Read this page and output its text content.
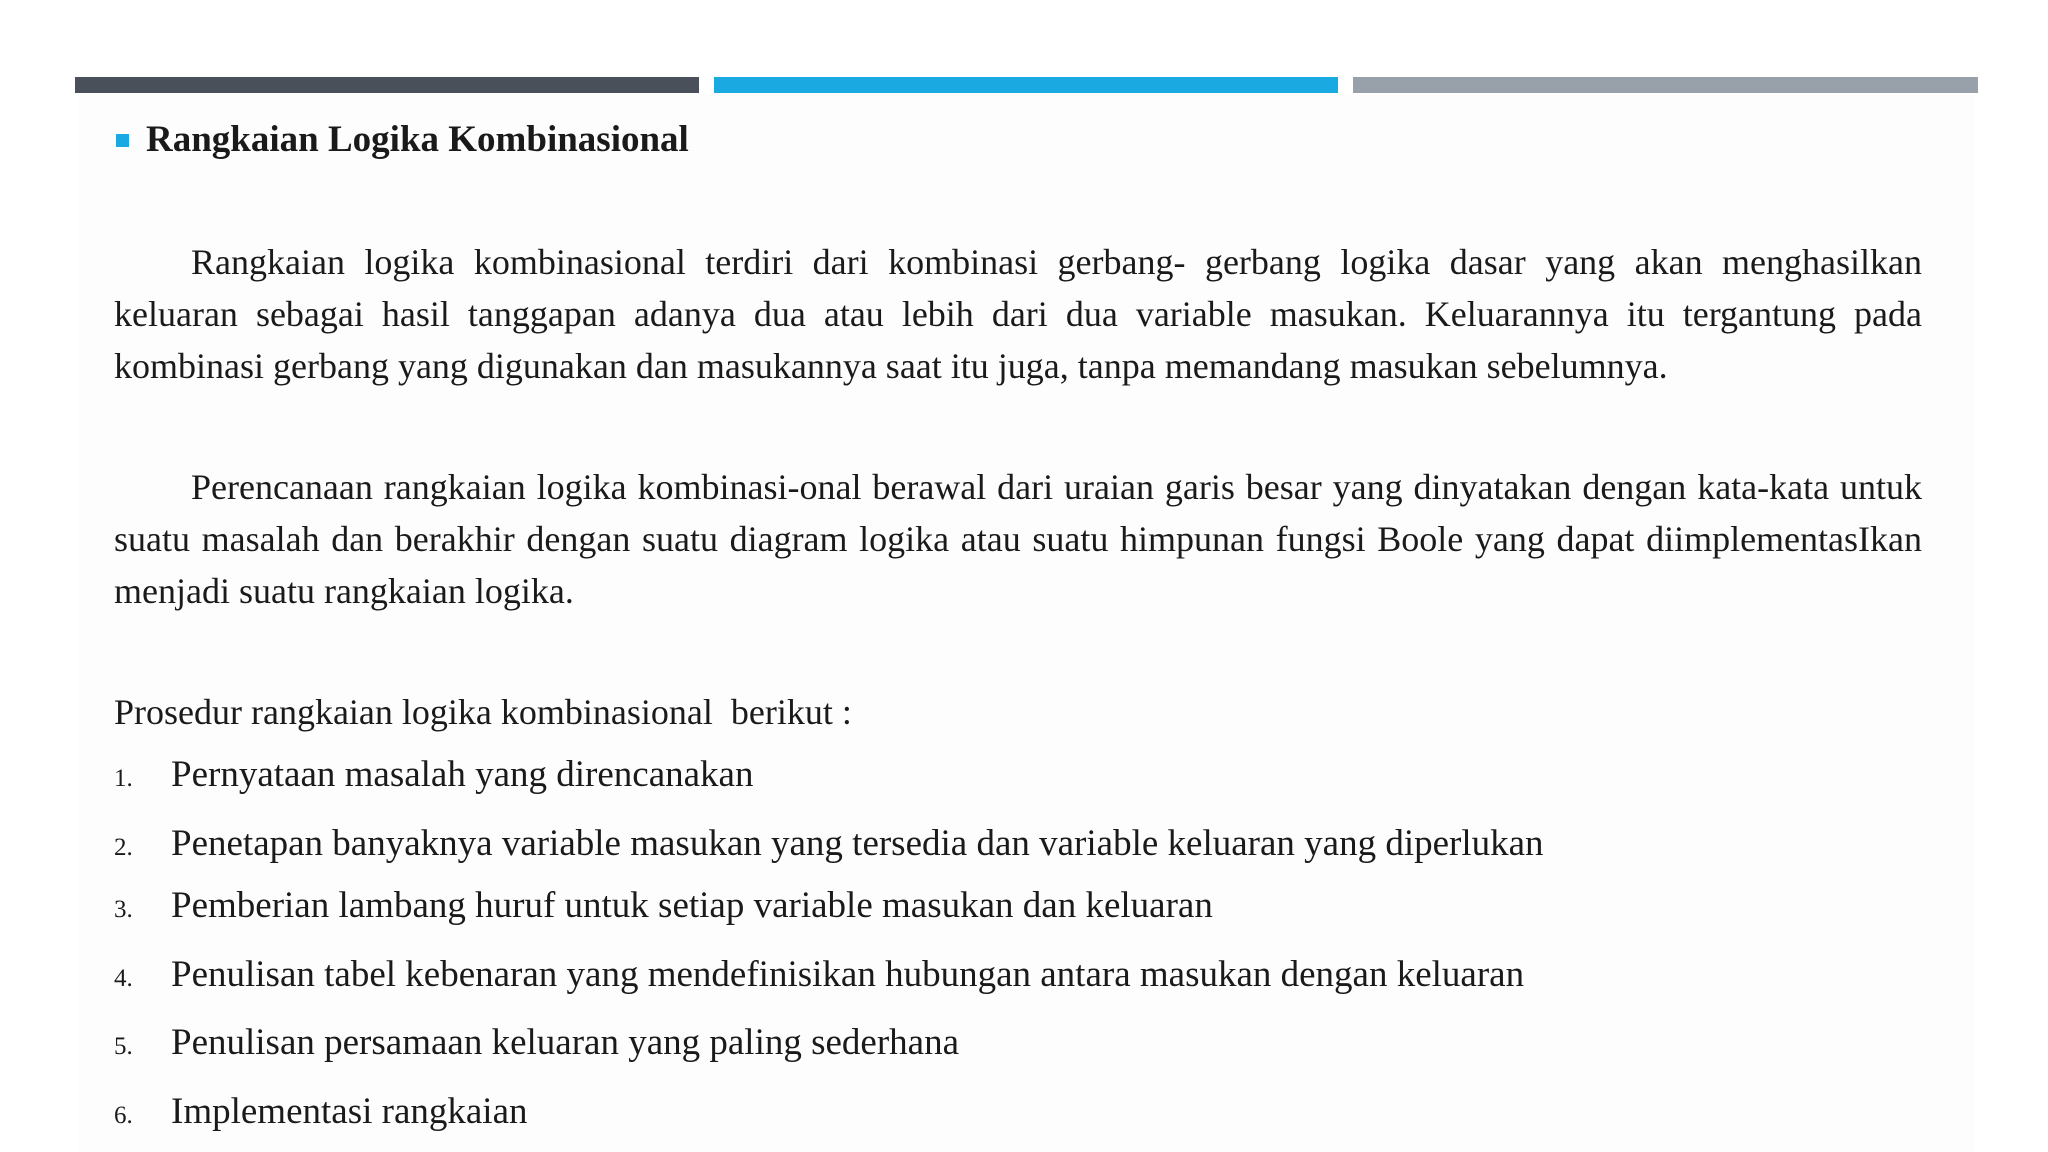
Rangkaian Logika Kombinasional

Rangkaian logika kombinasional terdiri dari kombinasi gerbang- gerbang logika dasar yang akan menghasilkan keluaran sebagai hasil tanggapan adanya dua atau lebih dari dua variable masukan. Keluarannya itu tergantung pada kombinasi gerbang yang digunakan dan masukannya saat itu juga, tanpa memandang masukan sebelumnya.

Perencanaan rangkaian logika kombinasi-onal berawal dari uraian garis besar yang dinyatakan dengan kata-kata untuk suatu masalah dan berakhir dengan suatu diagram logika atau suatu himpunan fungsi Boole yang dapat diimplementasIkan menjadi suatu rangkaian logika.

Prosedur rangkaian logika kombinasional  berikut :

1.	Pernyataan masalah yang direncanakan
2.	Penetapan banyaknya variable masukan yang tersedia dan variable keluaran yang diperlukan
3.	Pemberian lambang huruf untuk setiap variable masukan dan keluaran
4.	Penulisan tabel kebenaran yang mendefinisikan hubungan antara masukan dengan keluaran
5.	Penulisan persamaan keluaran yang paling sederhana
6.	Implementasi rangkaian
